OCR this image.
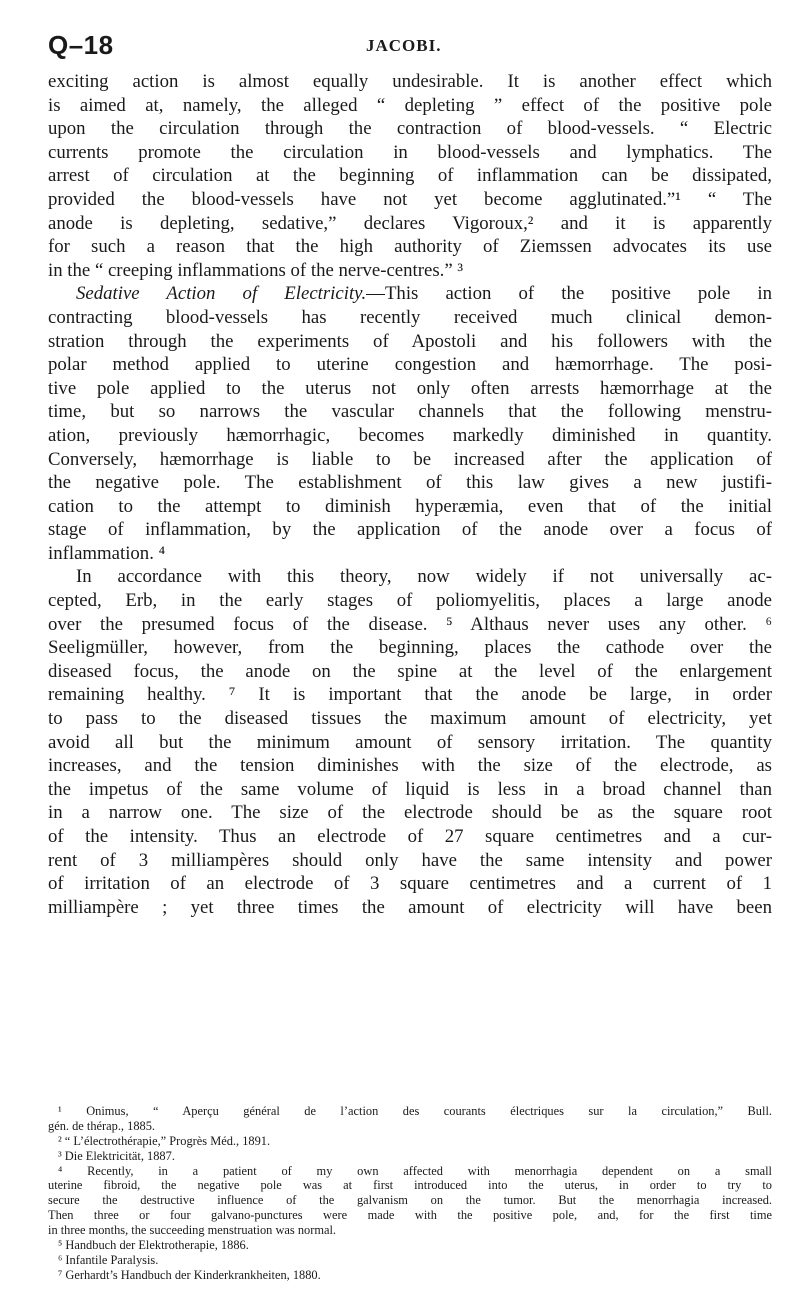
Q–18	JACOBI.
exciting action is almost equally undesirable. It is another effect which
is aimed at, namely, the alleged “ depleting ” effect of the positive pole
upon the circulation through the contraction of blood-vessels. “ Electric
currents promote the circulation in blood-vessels and lymphatics. The
arrest of circulation at the beginning of inflammation can be dissipated,
provided the blood-vessels have not yet become agglutinated.”¹ “ The
anode is depleting, sedative,” declares Vigoroux,² and it is apparently
for such a reason that the high authority of Ziemssen advocates its use
in the “ creeping inflammations of the nerve-centres.” ³
Sedative Action of Electricity.—This action of the positive pole in
contracting blood-vessels has recently received much clinical demon-
stration through the experiments of Apostoli and his followers with the
polar method applied to uterine congestion and hæmorrhage. The posi-
tive pole applied to the uterus not only often arrests hæmorrhage at the
time, but so narrows the vascular channels that the following menstru-
ation, previously hæmorrhagic, becomes markedly diminished in quantity.
Conversely, hæmorrhage is liable to be increased after the application of
the negative pole. The establishment of this law gives a new justifi-
cation to the attempt to diminish hyperæmia, even that of the initial
stage of inflammation, by the application of the anode over a focus of
inflammation. ⁴
In accordance with this theory, now widely if not universally ac-
cepted, Erb, in the early stages of poliomyelitis, places a large anode
over the presumed focus of the disease. ⁵ Althaus never uses any other. ⁶
Seeligmüller, however, from the beginning, places the cathode over the
diseased focus, the anode on the spine at the level of the enlargement
remaining healthy. ⁷ It is important that the anode be large, in order
to pass to the diseased tissues the maximum amount of electricity, yet
avoid all but the minimum amount of sensory irritation. The quantity
increases, and the tension diminishes with the size of the electrode, as
the impetus of the same volume of liquid is less in a broad channel than
in a narrow one. The size of the electrode should be as the square root
of the intensity. Thus an electrode of 27 square centimetres and a cur-
rent of 3 milliampères should only have the same intensity and power
of irritation of an electrode of 3 square centimetres and a current of 1
milliampère ; yet three times the amount of electricity will have been
¹ Onimus, “ Aperçu général de l’action des courants électriques sur la circulation,” Bull.
gén. de thérap., 1885.
² “ L’électrothérapie,” Progrès Méd., 1891.
³ Die Elektricität, 1887.
⁴ Recently, in a patient of my own affected with menorrhagia dependent on a small
uterine fibroid, the negative pole was at first introduced into the uterus, in order to try to
secure the destructive influence of the galvanism on the tumor. But the menorrhagia increased.
Then three or four galvano-punctures were made with the positive pole, and, for the first time
in three months, the succeeding menstruation was normal.
⁵ Handbuch der Elektrotherapie, 1886.
⁶ Infantile Paralysis.
⁷ Gerhardt’s Handbuch der Kinderkrankheiten, 1880.
